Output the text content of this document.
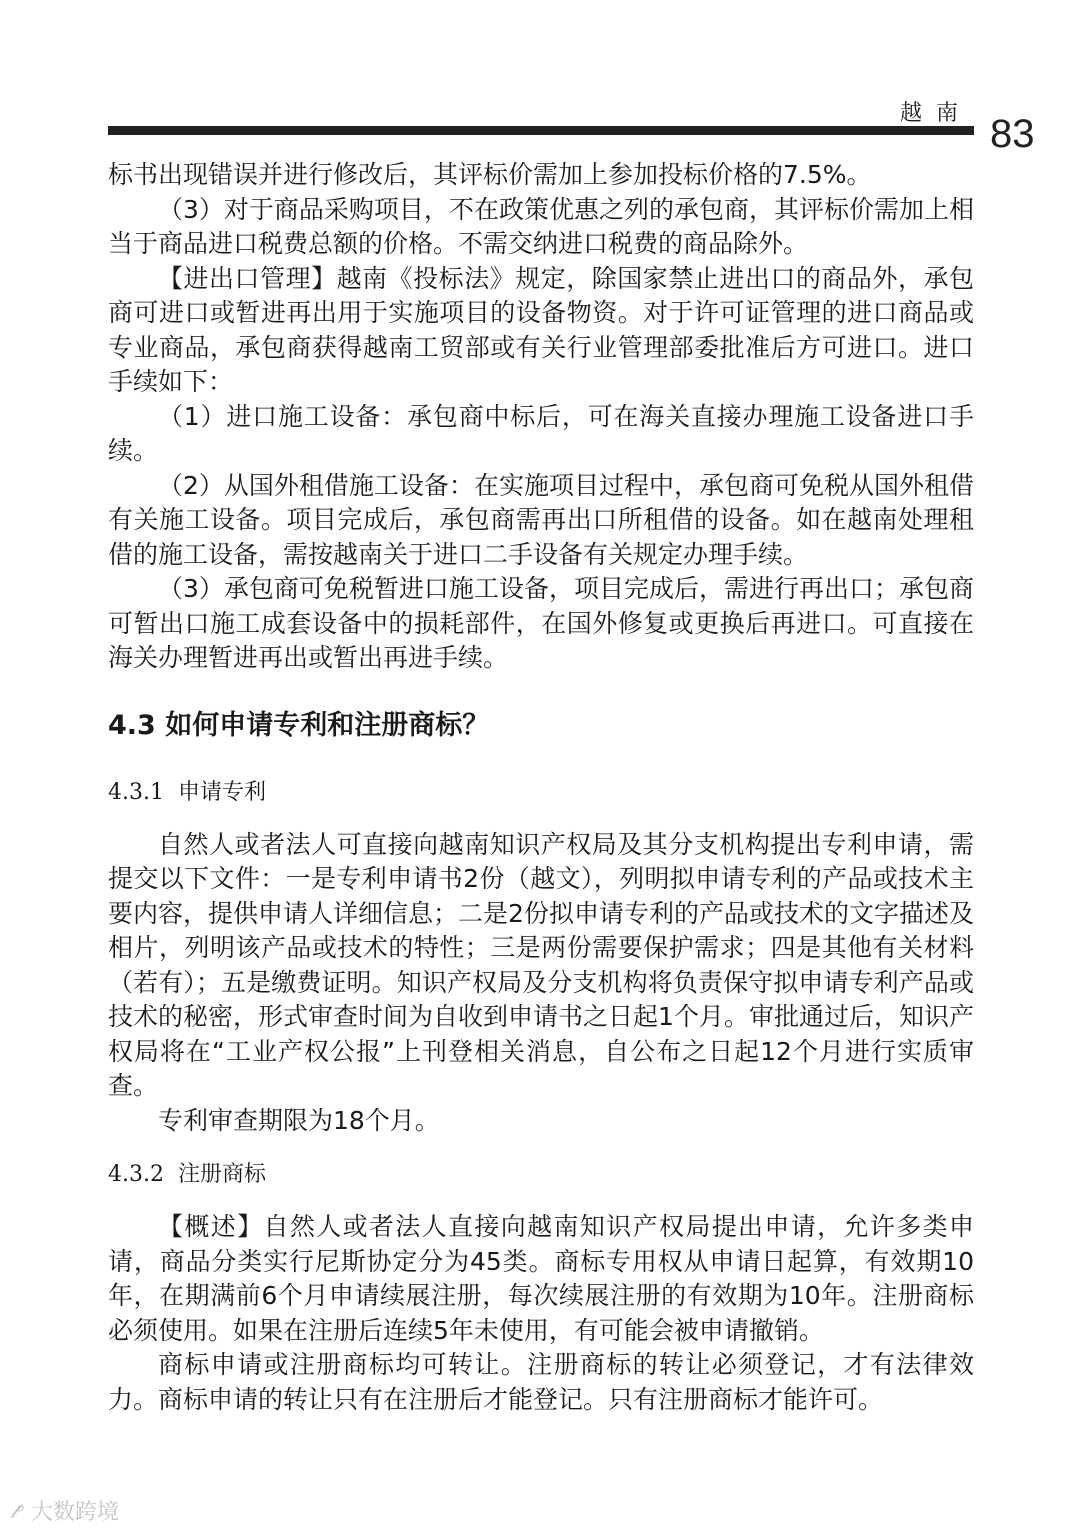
越南 83

标书出现错误并进行修改后，其评标价需加上参加投标价格的7.5%。

（3）对于商品采购项目，不在政策优惠之列的承包商，其评标价需加上相当于商品进口税费总额的价格。不需交纳进口税费的商品除外。

【进出口管理】越南《投标法》规定，除国家禁止进出口的商品外，承包商可进口或暂进再出用于实施项目的设备物资。对于许可证管理的进口商品或专业商品，承包商获得越南工贸部或有关行业管理部委批准后方可进口。进口手续如下：

（1）进口施工设备：承包商中标后，可在海关直接办理施工设备进口手续。

（2）从国外租借施工设备：在实施项目过程中，承包商可免税从国外租借有关施工设备。项目完成后，承包商需再出口所租借的设备。如在越南处理租借的施工设备，需按越南关于进口二手设备有关规定办理手续。

（3）承包商可免税暂进口施工设备，项目完成后，需进行再出口；承包商可暂出口施工成套设备中的损耗部件，在国外修复或更换后再进口。可直接在海关办理暂进再出或暂出再进手续。

4.3 如何申请专利和注册商标？
4.3.1 申请专利

自然人或者法人可直接向越南知识产权局及其分支机构提出专利申请，需提交以下文件：一是专利申请书2份（越文），列明拟申请专利的产品或技术主要内容，提供申请人详细信息；二是2份拟申请专利的产品或技术的文字描述及相片，列明该产品或技术的特性；三是两份需要保护需求；四是其他有关材料（若有）；五是缴费证明。知识产权局及分支机构将负责保守拟申请专利产品或技术的秘密，形式审查时间为自收到申请书之日起1个月。审批通过后，知识产权局将在“工业产权公报”上刊登相关消息，自公布之日起12个月进行实质审查。

专利审查期限为18个月。

4.3.2 注册商标

【概述】自然人或者法人直接向越南知识产权局提出申请，允许多类申请，商品分类实行尼斯协定分为45类。商标专用权从申请日起算，有效期10年，在期满前6个月申请续展注册，每次续展注册的有效期为10年。注册商标必须使用。如果在注册后连续5年未使用，有可能会被申请撤销。

商标申请或注册商标均可转让。注册商标的转让必须登记，才有法律效力。商标申请的转让只有在注册后才能登记。只有注册商标才能许可。

𝓁ᵒ 大数跨境
